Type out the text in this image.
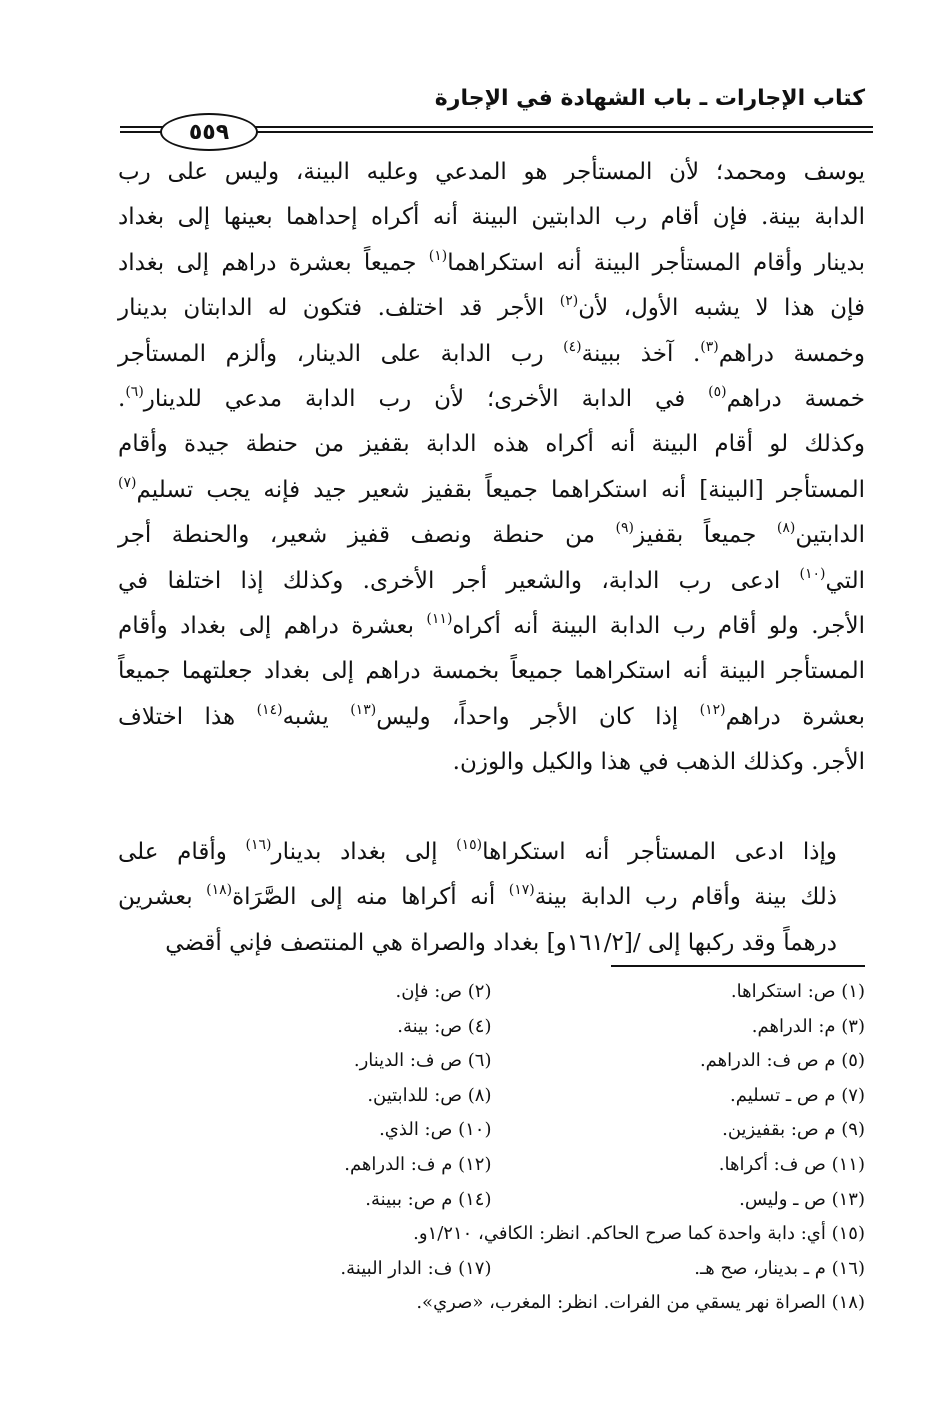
كتاب الإجارات ـ باب الشهادة في الإجارة
٥٥٩

يوسف ومحمد؛ لأن المستأجر هو المدعي وعليه البينة، وليس على رب
الدابة بينة. فإن أقام رب الدابتين البينة أنه أكراه إحداهما بعينها إلى بغداد
بدينار وأقام المستأجر البينة أنه استكراهما$^{(١)}$ جميعاً بعشرة دراهم إلى بغداد
فإن هذا لا يشبه الأول، لأن$^{(٢)}$ الأجر قد اختلف. فتكون له الدابتان بدينار
وخمسة دراهم$^{(٣)}$. آخذ ببينة$^{(٤)}$ رب الدابة على الدينار، وألزم المستأجر
خمسة دراهم$^{(٥)}$ في الدابة الأخرى؛ لأن رب الدابة مدعي للدينار$^{(٦)}$.
وكذلك لو أقام البينة أنه أكراه هذه الدابة بقفيز من حنطة جيدة وأقام
المستأجر [البينة] أنه استكراهما جميعاً بقفيز شعير جيد فإنه يجب تسليم$^{(٧)}$
الدابتين$^{(٨)}$ جميعاً بقفيز$^{(٩)}$ من حنطة ونصف قفيز شعير، والحنطة أجر
التي$^{(١٠)}$ ادعى رب الدابة، والشعير أجر الأخرى. وكذلك إذا اختلفا في
الأجر. ولو أقام رب الدابة البينة أنه أكراه$^{(١١)}$ بعشرة دراهم إلى بغداد وأقام
المستأجر البينة أنه استكراهما جميعاً بخمسة دراهم إلى بغداد جعلتهما جميعاً
بعشرة دراهم$^{(١٢)}$ إذا كان الأجر واحداً، وليس$^{(١٣)}$ يشبه$^{(١٤)}$ هذا اختلاف
الأجر. وكذلك الذهب في هذا والكيل والوزن.

وإذا ادعى المستأجر أنه استكراها$^{(١٥)}$ إلى بغداد بدينار$^{(١٦)}$ وأقام على
ذلك بينة وأقام رب الدابة بينة$^{(١٧)}$ أنه أكراها منه إلى الصَّرَاة$^{(١٨)}$ بعشرين
درهماً وقد ركبها إلى /[١٦١/٢و] بغداد والصراة هي المنتصف فإني أقضي

(١) ص: استكراها.
(٢) ص: فإن.
(٣) م: الدراهم.
(٤) ص: بينة.
(٥) م ص ف: الدراهم.
(٦) ص ف: الدينار.
(٧) م ص ـ تسليم.
(٨) ص: للدابتين.
(٩) م ص: بقفيزين.
(١٠) ص: الذي.
(١١) ص ف: أكراها.
(١٢) م ف: الدراهم.
(١٣) ص ـ وليس.
(١٤) م ص: ببينة.
(١٥) أي: دابة واحدة كما صرح الحاكم. انظر: الكافي، ١/٢١٠و.
(١٦) م ـ بدينار، صح هـ.
(١٧) ف: الدار البينة.
(١٨) الصراة نهر يسقي من الفرات. انظر: المغرب، «صري».
